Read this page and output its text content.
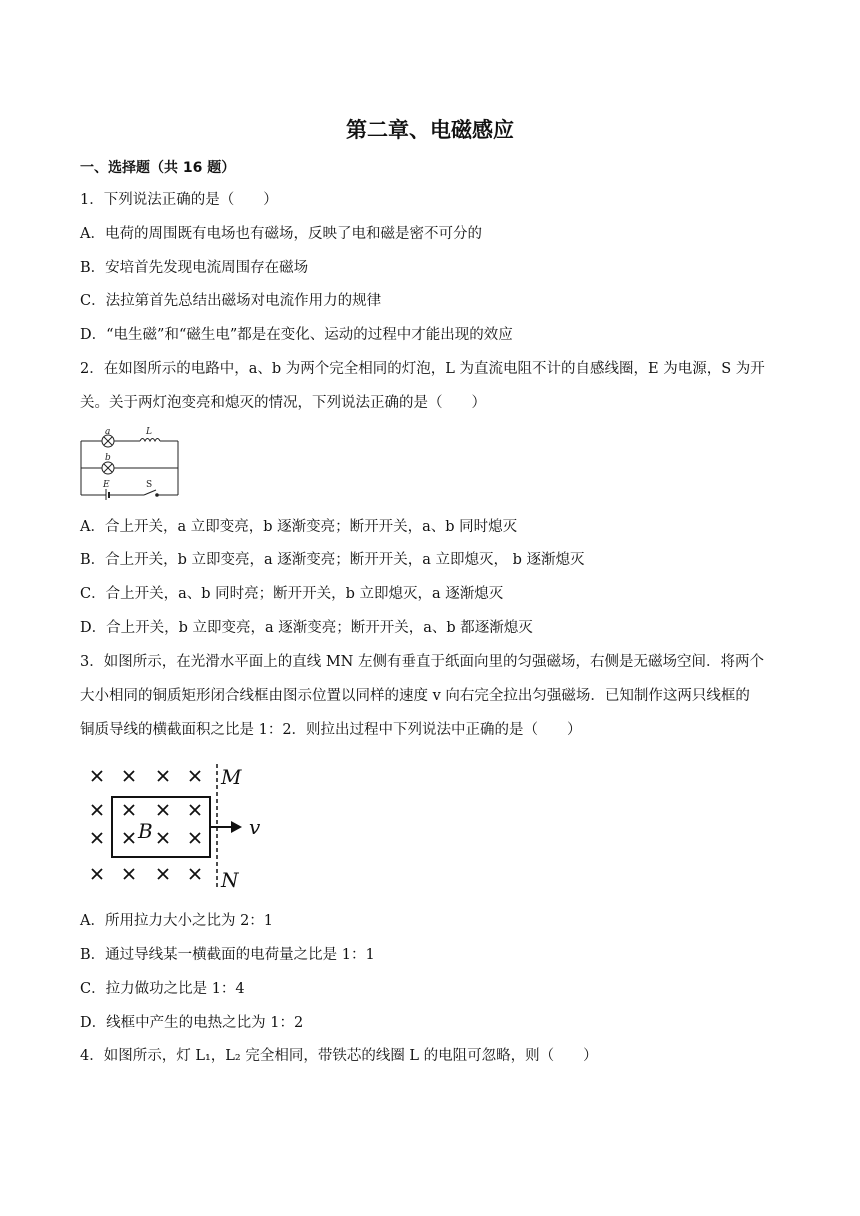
第二章、电磁感应
一、选择题（共 16 题）
1．下列说法正确的是（　　）
A．电荷的周围既有电场也有磁场，反映了电和磁是密不可分的
B．安培首先发现电流周围存在磁场
C．法拉第首先总结出磁场对电流作用力的规律
D．“电生磁”和“磁生电”都是在变化、运动的过程中才能出现的效应
2．在如图所示的电路中，a、b 为两个完全相同的灯泡，L 为直流电阻不计的自感线圈，E 为电源，S 为开
关。关于两灯泡变亮和熄灭的情况，下列说法正确的是（　　）
a	L
b
E	S
A．合上开关，a 立即变亮，b 逐渐变亮；断开开关，a、b 同时熄灭
B．合上开关，b 立即变亮，a 逐渐变亮；断开开关，a 立即熄灭， b 逐渐熄灭
C．合上开关，a、b 同时亮；断开开关，b 立即熄灭，a 逐渐熄灭
D．合上开关，b 立即变亮，a 逐渐变亮；断开开关，a、b 都逐渐熄灭
3．如图所示，在光滑水平面上的直线 MN 左侧有垂直于纸面向里的匀强磁场，右侧是无磁场空间．将两个
大小相同的铜质矩形闭合线框由图示位置以同样的速度 v 向右完全拉出匀强磁场．已知制作这两只线框的
铜质导线的横截面积之比是 1：2．则拉出过程中下列说法中正确的是（　　）
M
N
B	v
A．所用拉力大小之比为 2：1
B．通过导线某一横截面的电荷量之比是 1：1
C．拉力做功之比是 1：4
D．线框中产生的电热之比为 1：2
4．如图所示，灯 L₁，L₂ 完全相同，带铁芯的线圈 L 的电阻可忽略，则（　　）
